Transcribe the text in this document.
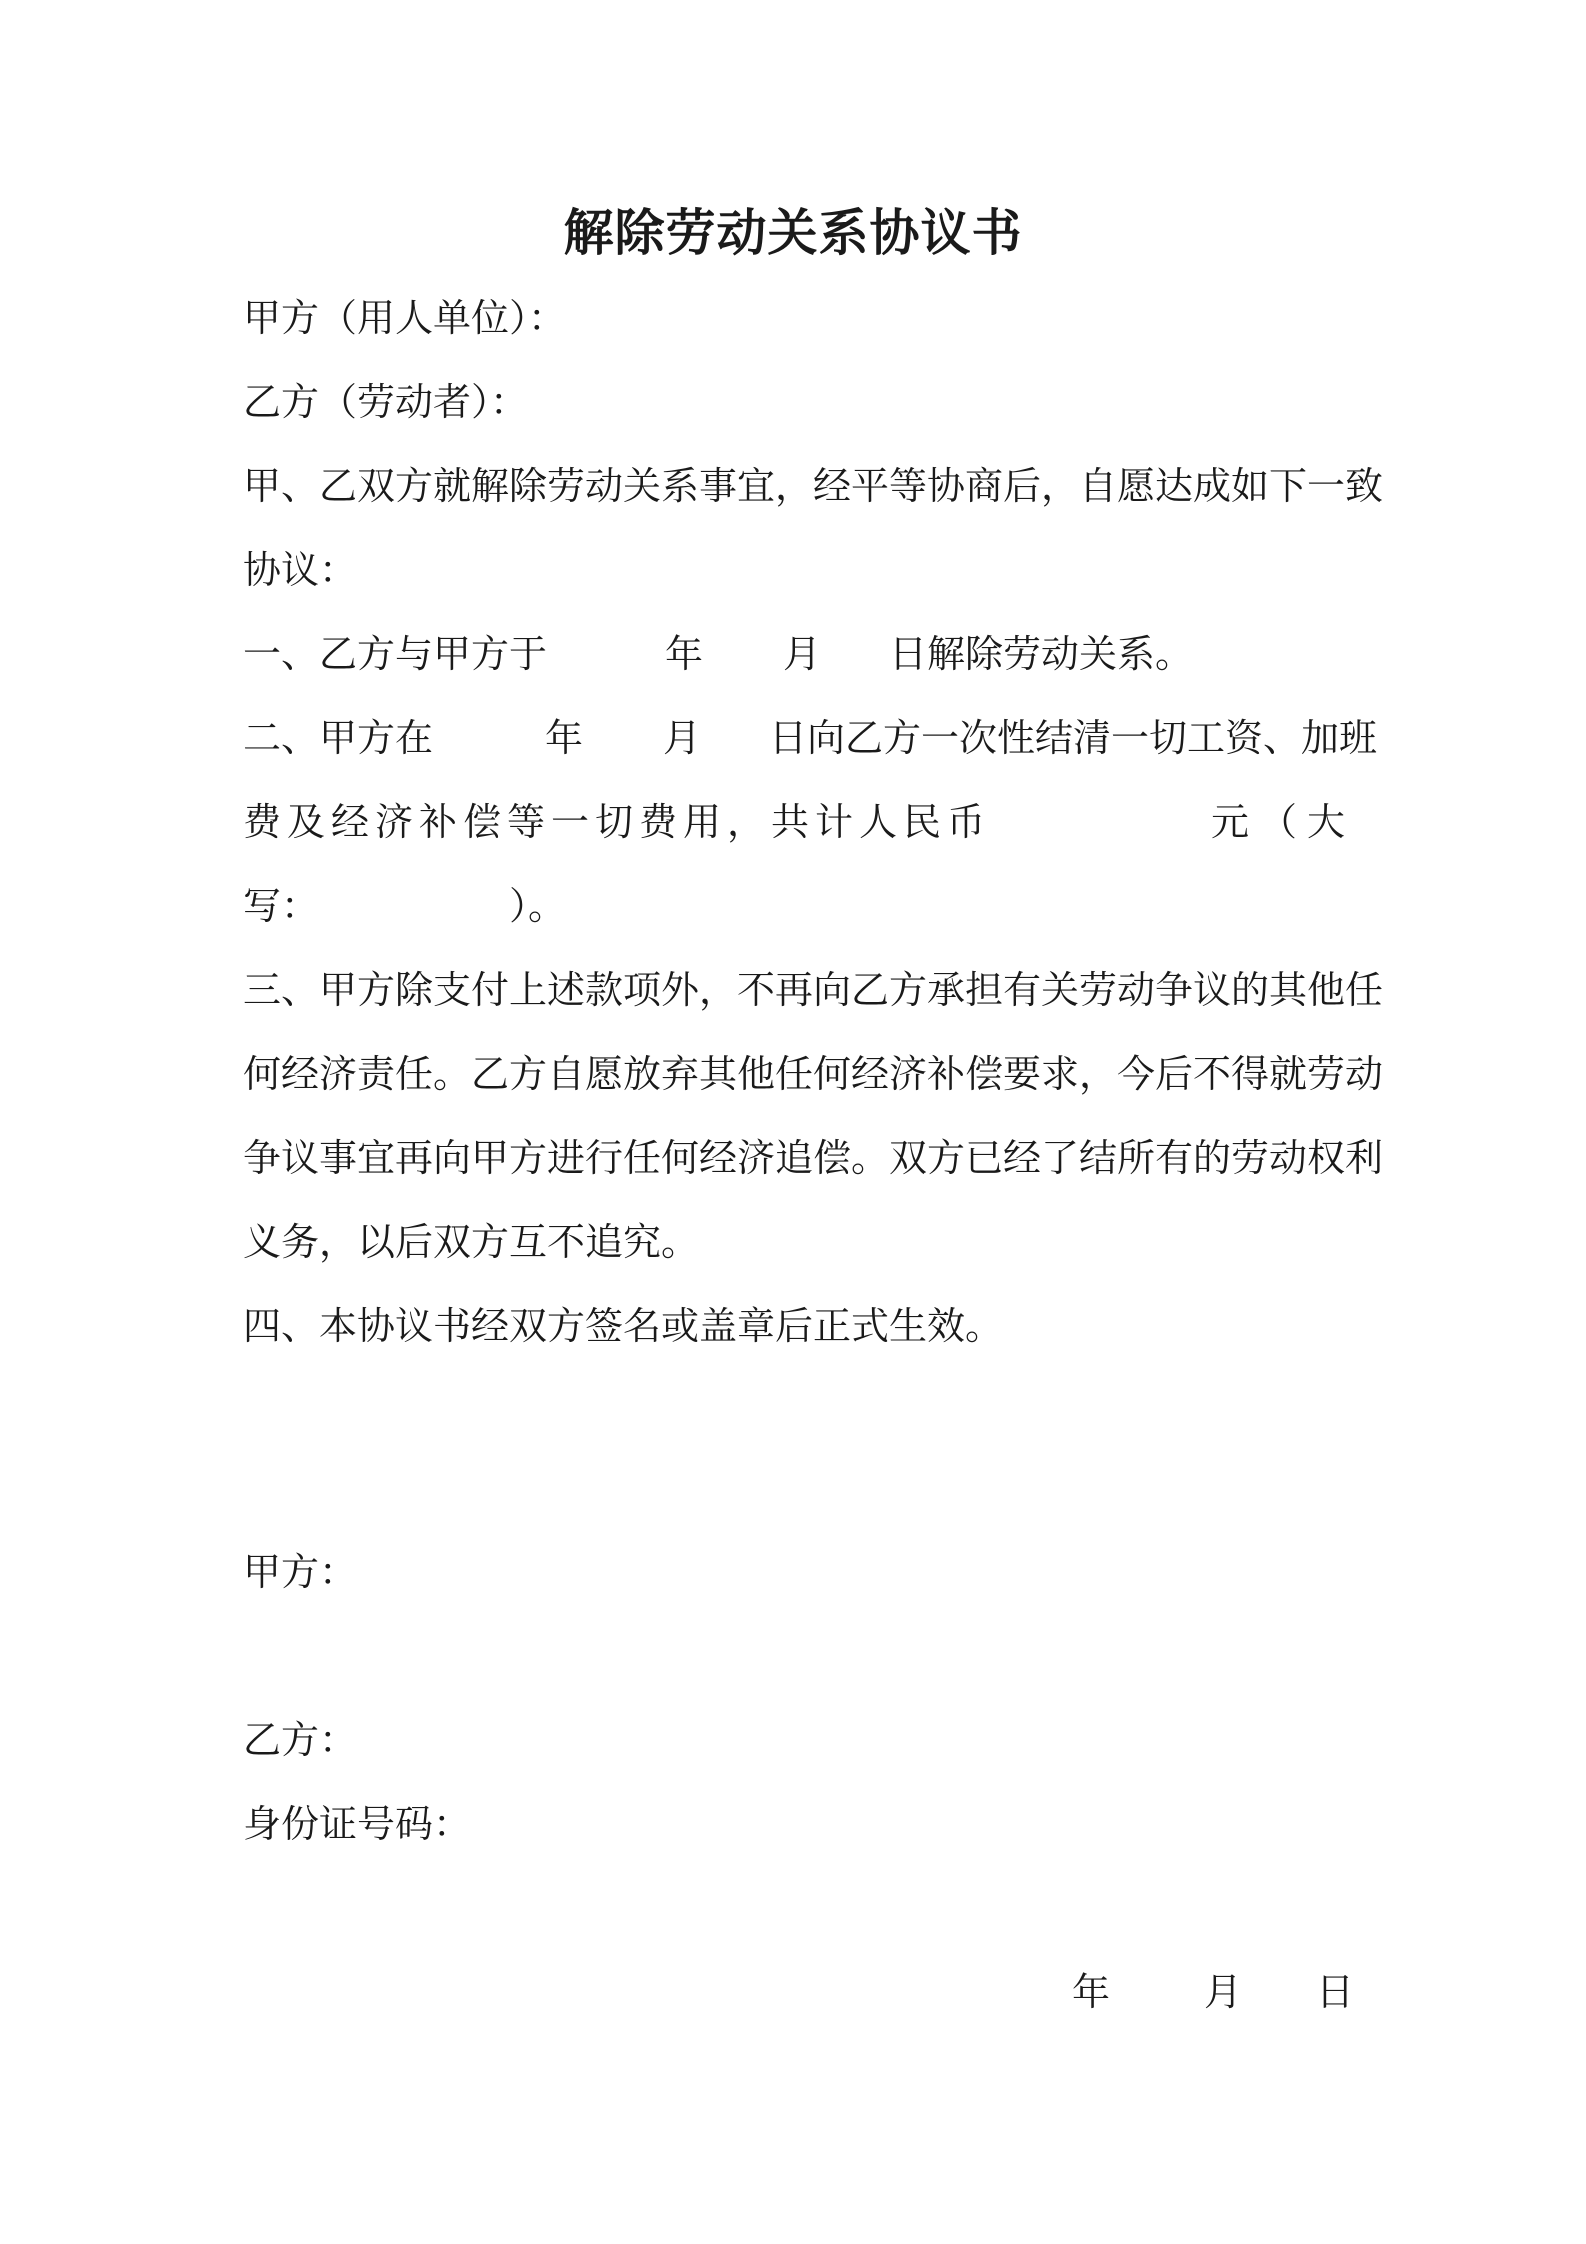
解除劳动关系协议书
甲方（用人单位）：
乙方（劳动者）：
甲、乙双方就解除劳动关系事宜，经平等协商后，自愿达成如下一致
协议：
一、乙方与甲方于	年 月 日解除劳动关系。
二、甲方在	年 月 日向乙方一次性结清一切工资、加班
费及经济补偿等一切费用，共计人民币	元（大
写：	）。
三、甲方除支付上述款项外，不再向乙方承担有关劳动争议的其他任
何经济责任。乙方自愿放弃其他任何经济补偿要求，今后不得就劳动
争议事宜再向甲方进行任何经济追偿。双方已经了结所有的劳动权利
义务，以后双方互不追究。
四、本协议书经双方签名或盖章后正式生效。
甲方：
乙方：
身份证号码：
年 月 日
